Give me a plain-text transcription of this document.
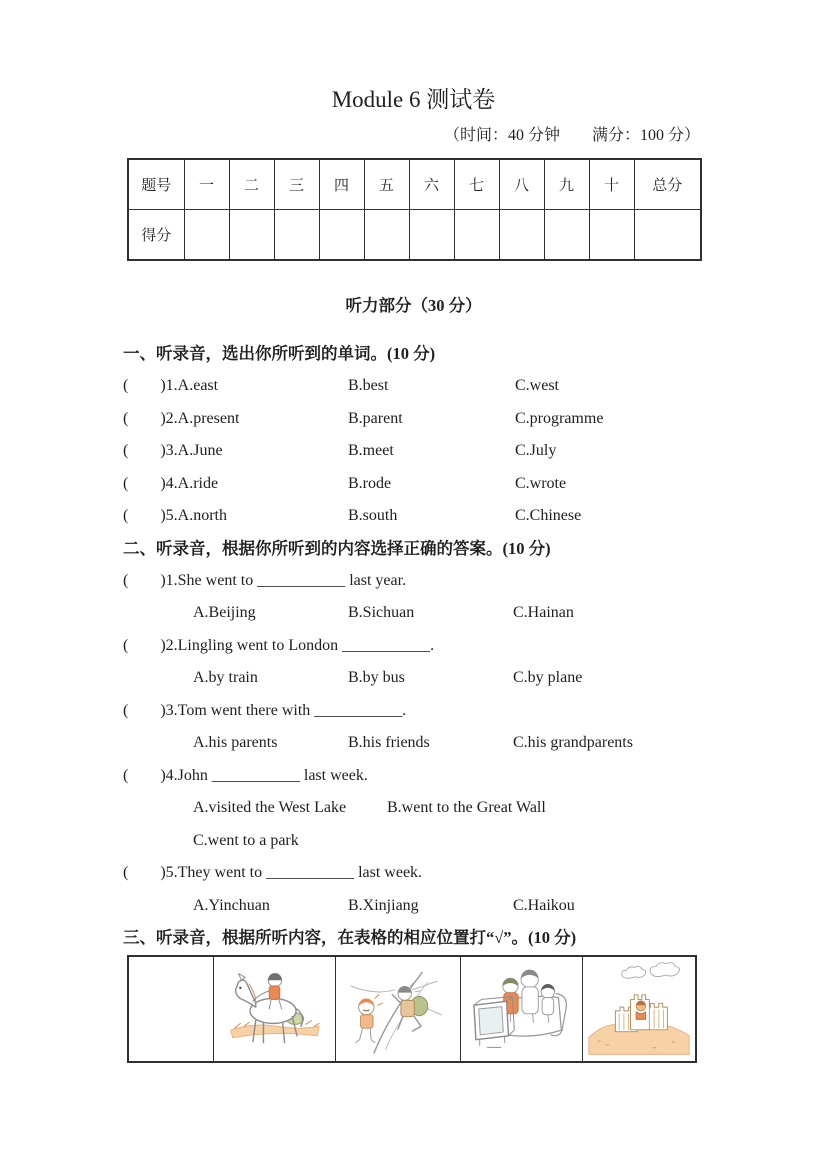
Module 6 测试卷
（时间：40 分钟　　满分：100 分）
题号	一	二	三	四	五	六	七	八	九	十	总分
得分											
听力部分（30 分）
一、听录音，选出你所听到的单词。(10 分)
(        )1.A.east	B.best	C.west
(        )2.A.present	B.parent	C.programme
(        )3.A.June	B.meet	C.July
(        )4.A.ride	B.rode	C.wrote
(        )5.A.north	B.south	C.Chinese
二、听录音，根据你所听到的内容选择正确的答案。(10 分)
(        )1. She went to ___________ last year.
A.Beijing	B.Sichuan	C.Hainan
(        )2. Lingling went to London ___________.
A.by train	B.by bus	C.by plane
(        )3. Tom went there with ___________.
A.his parents	B.his friends	C.his grandparents
(        )4. John ___________ last week.
A.visited the West Lake	B.went to the Great Wall
C.went to a park
(        )5. They went to ___________ last week.
A.Yinchuan	B.Xinjiang	C.Haikou
三、听录音，根据所听内容，在表格的相应位置打“√”。(10 分)
